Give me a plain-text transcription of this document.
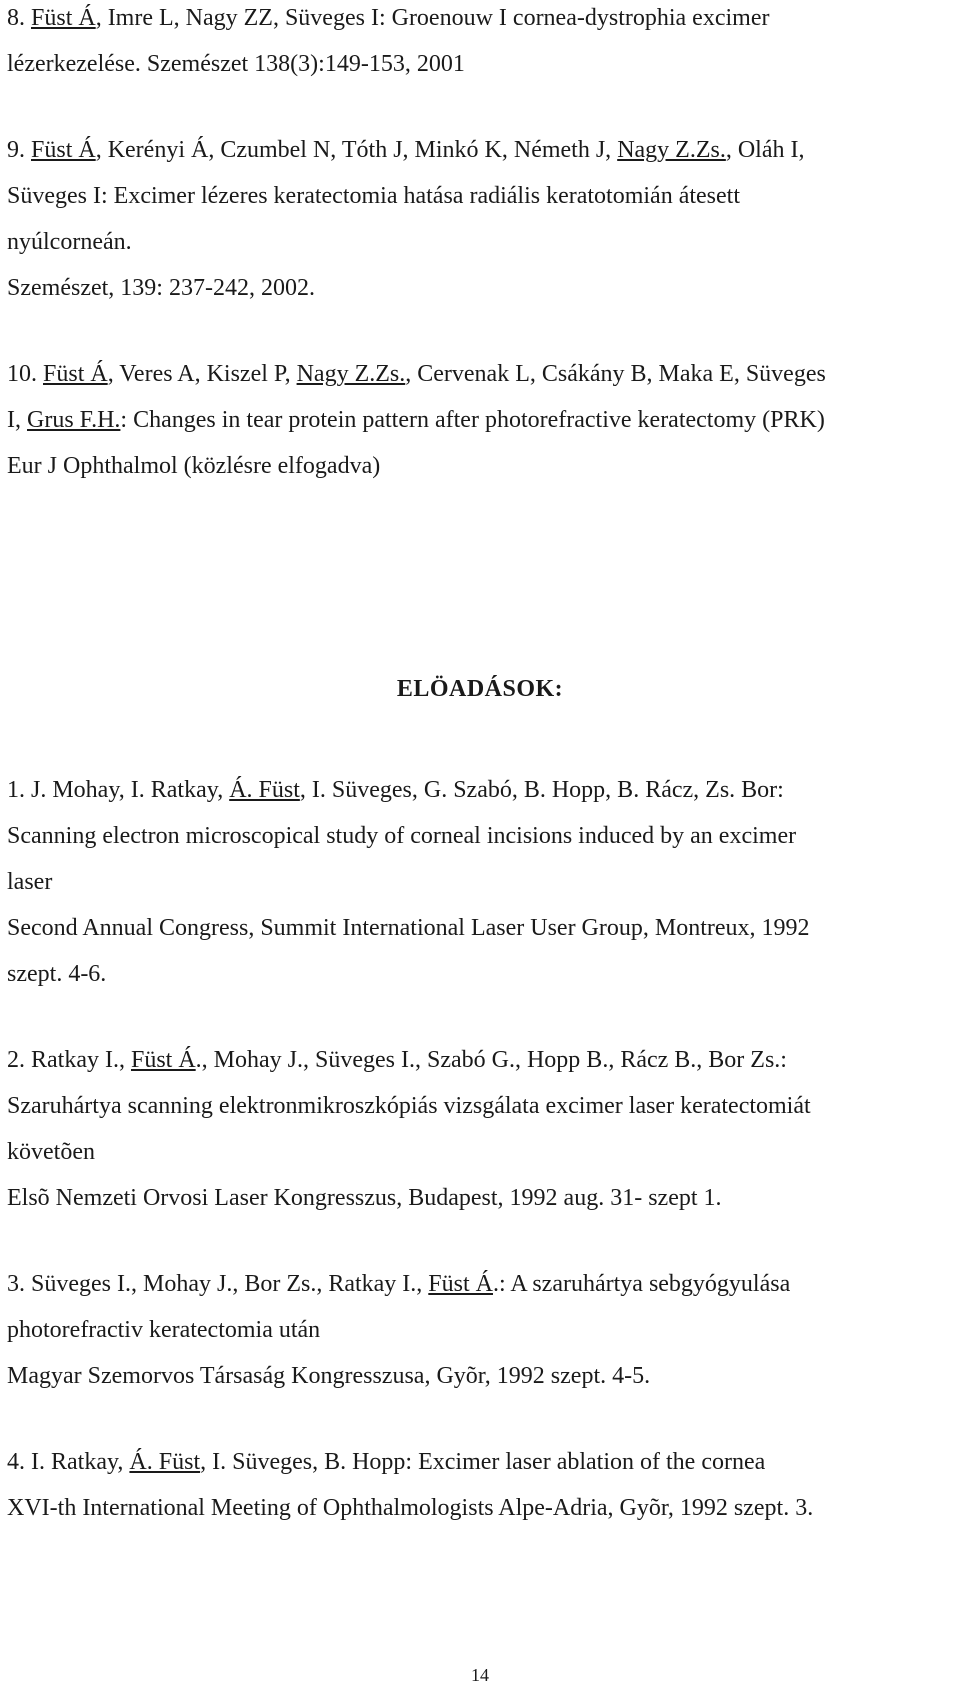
8. Füst Á, Imre L, Nagy ZZ, Süveges I: Groenouw I cornea-dystrophia excimer
lézerkezelése. Szemészet 138(3):149-153, 2001
9. Füst Á, Kerényi Á, Czumbel N, Tóth J, Minkó K, Németh J, Nagy Z.Zs., Oláh I,
Süveges I: Excimer lézeres keratectomia hatása radiális keratotomián átesett
nyúlcorneán.
Szemészet, 139: 237-242, 2002.
10. Füst Á, Veres A, Kiszel P, Nagy Z.Zs., Cervenak L, Csákány B, Maka E, Süveges
I, Grus F.H.: Changes in tear protein pattern after photorefractive keratectomy (PRK)
Eur J Ophthalmol (közlésre elfogadva)
ELÖADÁSOK:
1. J. Mohay, I. Ratkay, Á. Füst, I. Süveges, G. Szabó, B. Hopp, B. Rácz, Zs. Bor:
Scanning electron microscopical study of corneal incisions induced by an excimer
laser
Second Annual Congress, Summit International Laser User Group, Montreux, 1992
szept. 4-6.
2. Ratkay I., Füst Á., Mohay J., Süveges I., Szabó G., Hopp B., Rácz B., Bor Zs.:
Szaruhártya scanning elektronmikroszkópiás vizsgálata excimer laser keratectomiát
követõen
Elsõ Nemzeti Orvosi Laser Kongresszus, Budapest, 1992 aug. 31- szept 1.
3. Süveges I., Mohay J., Bor Zs., Ratkay I., Füst Á.: A szaruhártya sebgyógyulása
photorefractiv keratectomia után
Magyar Szemorvos Társaság Kongresszusa, Gyõr, 1992 szept. 4-5.
4. I. Ratkay, Á. Füst, I. Süveges, B. Hopp: Excimer laser ablation of the cornea
XVI-th International Meeting of Ophthalmologists Alpe-Adria, Gyõr, 1992 szept. 3.
14
